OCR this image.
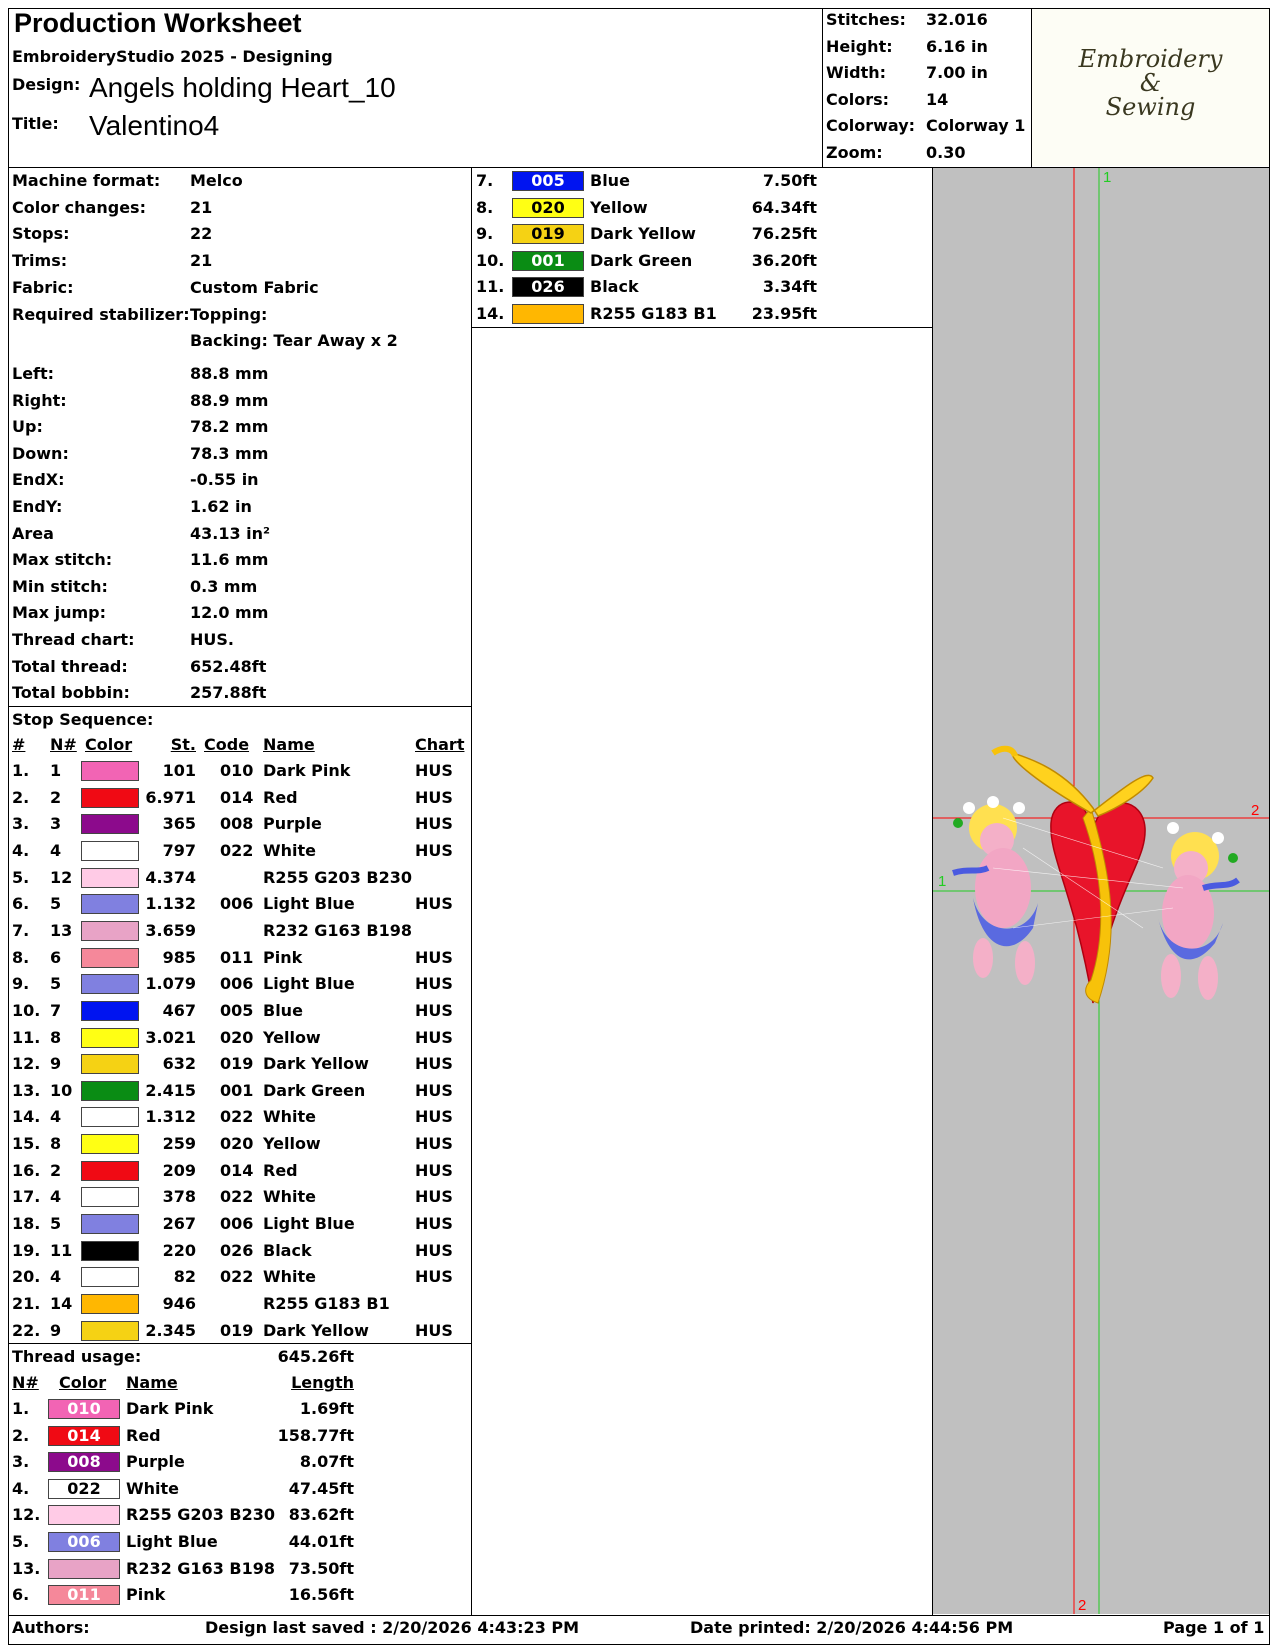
Production Worksheet
EmbroideryStudio 2025 - Designing
Design: Angels holding Heart_10
Title: Valentino4
Stitches: 32.016
Height: 6.16 in
Width: 7.00 in
Colors: 14
Colorway: Colorway 1
Zoom:	0.30
Embroidery
&
Sewing
Machine format: Melco
Color changes:	21
Stops:	22
Trims:	21
Fabric:	Custom Fabric
Required stabilizer: Topping:
Backing: Tear Away x 2
Left:	88.8 mm
Right:	88.9 mm
Up:	78.2 mm
Down:	78.3 mm
EndX:	-0.55 in
EndY:	1.62 in
Area	43.13 in²
Max stitch:	11.6 mm
Min stitch:	0.3 mm
Max jump:	12.0 mm
Thread chart:	HUS.
Total thread:	652.48ft
Total bobbin:	257.88ft
Stop Sequence:
# N# Color	St. Code Name	Chart
1. 1	101 010 Dark Pink	HUS
2. 2	6.971 014 Red	HUS
3. 3	365 008 Purple	HUS
4. 4	797 022 White	HUS
5. 12	4.374	R255 G203 B230
6. 5	1.132 006 Light Blue	HUS
7. 13	3.659	R232 G163 B198
8. 6	985 011 Pink	HUS
9. 5	1.079 006 Light Blue	HUS
10. 7	467 005 Blue	HUS
11. 8	3.021 020 Yellow	HUS
12. 9	632 019 Dark Yellow	HUS
13. 10	2.415 001 Dark Green	HUS
14. 4	1.312 022 White	HUS
15. 8	259 020 Yellow	HUS
16. 2	209 014 Red	HUS
17. 4	378 022 White	HUS
18. 5	267 006 Light Blue	HUS
19. 11	220 026 Black	HUS
20. 4	82 022 White	HUS
21. 14	946	R255 G183 B1
22. 9	2.345 019 Dark Yellow	HUS
Thread usage:	645.26ft
N# Color Name	Length
1.	010	Dark Pink	1.69ft
2.	014	Red	158.77ft
3.	008	Purple	8.07ft
4.	022	White	47.45ft
12.	R255 G203 B230 83.62ft
5.	006	Light Blue	44.01ft
13.	R232 G163 B198 73.50ft
6.	011	Pink	16.56ft
7.	005	Blue	7.50ft
8.	020	Yellow	64.34ft
9.	019	Dark Yellow	76.25ft
10.	001	Dark Green	36.20ft
11.	026	Black	3.34ft
14.	R255 G183 B1	23.95ft
1
1
2
2
Authors:	Design last saved : 2/20/2026 4:43:23 PM	Date printed: 2/20/2026 4:44:56 PM	Page 1 of 1
